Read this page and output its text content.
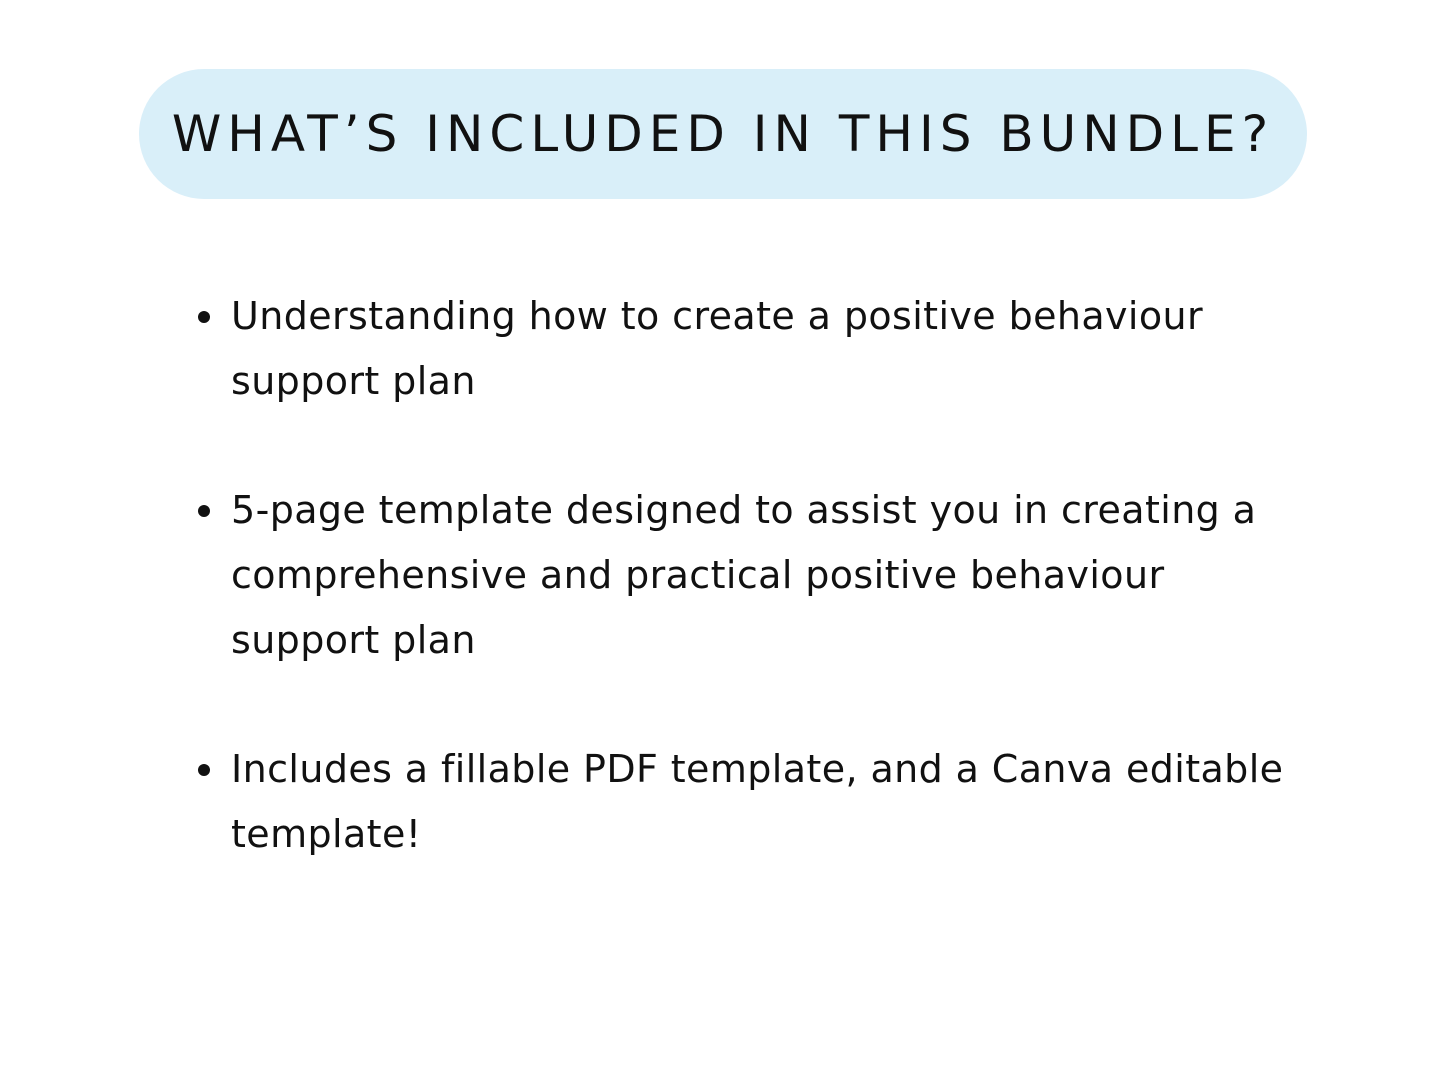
WHAT’S INCLUDED IN THIS BUNDLE?
Understanding how to create a positive behaviour support plan
5-page template designed to assist you in creating a comprehensive and practical positive behaviour support plan
Includes a fillable PDF template, and a Canva editable template!
